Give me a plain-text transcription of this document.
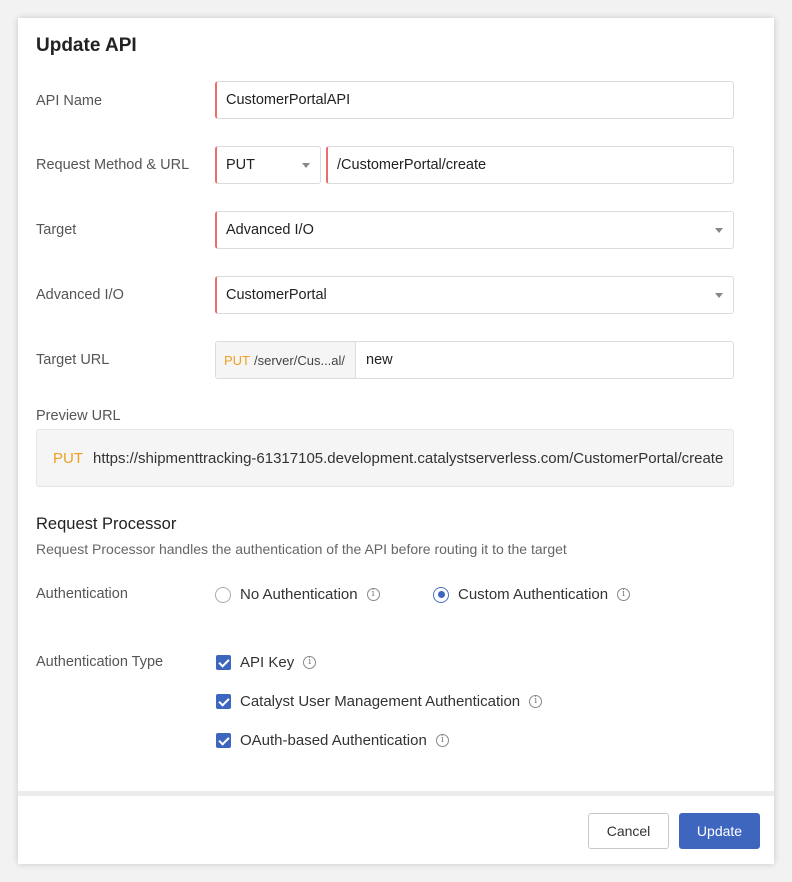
Update API
API Name	CustomerPortalAPI
Request Method & URL	PUT	/CustomerPortal/create
Target	Advanced I/O
Advanced I/O	CustomerPortal
Target URL	PUT /server/Cus...al/ new
Preview URL
PUT https://shipmenttracking-61317105.development.catalystserverless.com/CustomerPortal/create
Request Processor
Request Processor handles the authentication of the API before routing it to the target
Authentication	No Authentication	i	Custom Authentication	i
Authentication Type	API Key	i
Catalyst User Management Authentication	i
OAuth-based Authentication	i
Cancel	Update
